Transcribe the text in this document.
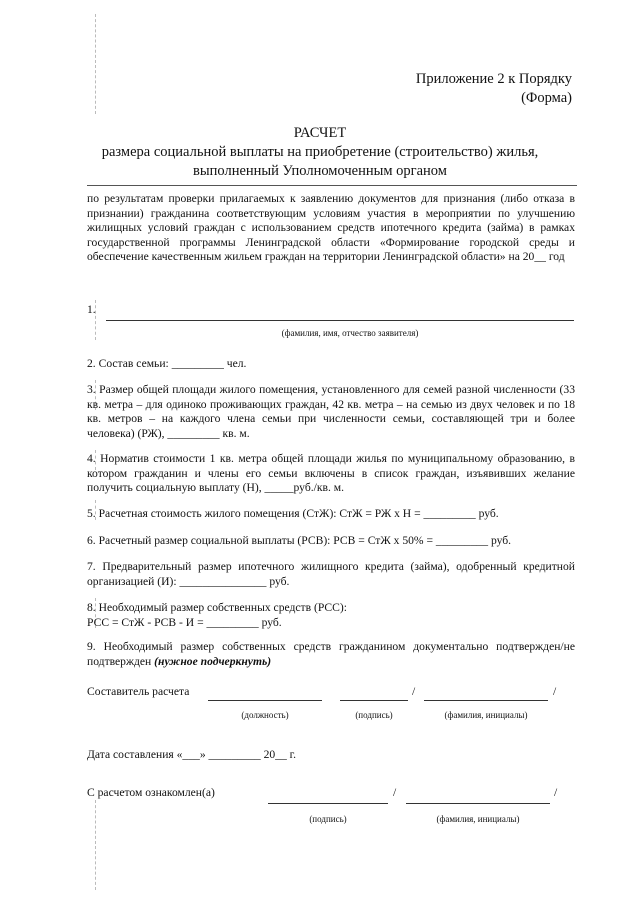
Приложение 2 к Порядку
(Форма)
РАСЧЕТ
размера социальной выплаты на приобретение (строительство) жилья,
выполненный Уполномоченным органом
по результатам проверки прилагаемых к заявлению документов для признания (либо отказа в признании) гражданина соответствующим условиям участия в мероприятии по улучшению жилищных условий граждан с использованием средств ипотечного кредита (займа) в рамках государственной программы Ленинградской области «Формирование городской среды и обеспечение качественным жильем граждан на территории Ленинградской области» на 20__ год
1.
(фамилия, имя, отчество заявителя)
2. Состав семьи: _________ чел.
3. Размер общей площади жилого помещения, установленного для семей разной численности (33 кв. метра – для одиноко проживающих граждан, 42 кв. метра – на семью из двух человек и по 18 кв. метров – на каждого члена семьи при численности семьи, составляющей три и более человека) (РЖ), _________ кв. м.
4. Норматив стоимости 1 кв. метра общей площади жилья по муниципальному образованию, в котором гражданин и члены его семьи включены в список граждан, изъявивших желание получить социальную выплату (Н), _____руб./кв. м.
5. Расчетная стоимость жилого помещения (СтЖ): СтЖ = РЖ х Н = _________ руб.
6. Расчетный размер социальной выплаты (РСВ): РСВ = СтЖ х 50% = _________ руб.
7. Предварительный размер ипотечного жилищного кредита (займа), одобренный кредитной организацией (И): _______________ руб.
8. Необходимый размер собственных средств (РСС):
РСС = СтЖ - РСВ - И = _________ руб.
9. Необходимый размер собственных средств гражданином документально подтвержден/не подтвержден (нужное подчеркнуть)
Составитель расчета	/	/
(должность)	(подпись)	(фамилия, инициалы)
Дата составления «___» _________ 20__ г.
С расчетом ознакомлен(а)	/	/
(подпись)	(фамилия, инициалы)
